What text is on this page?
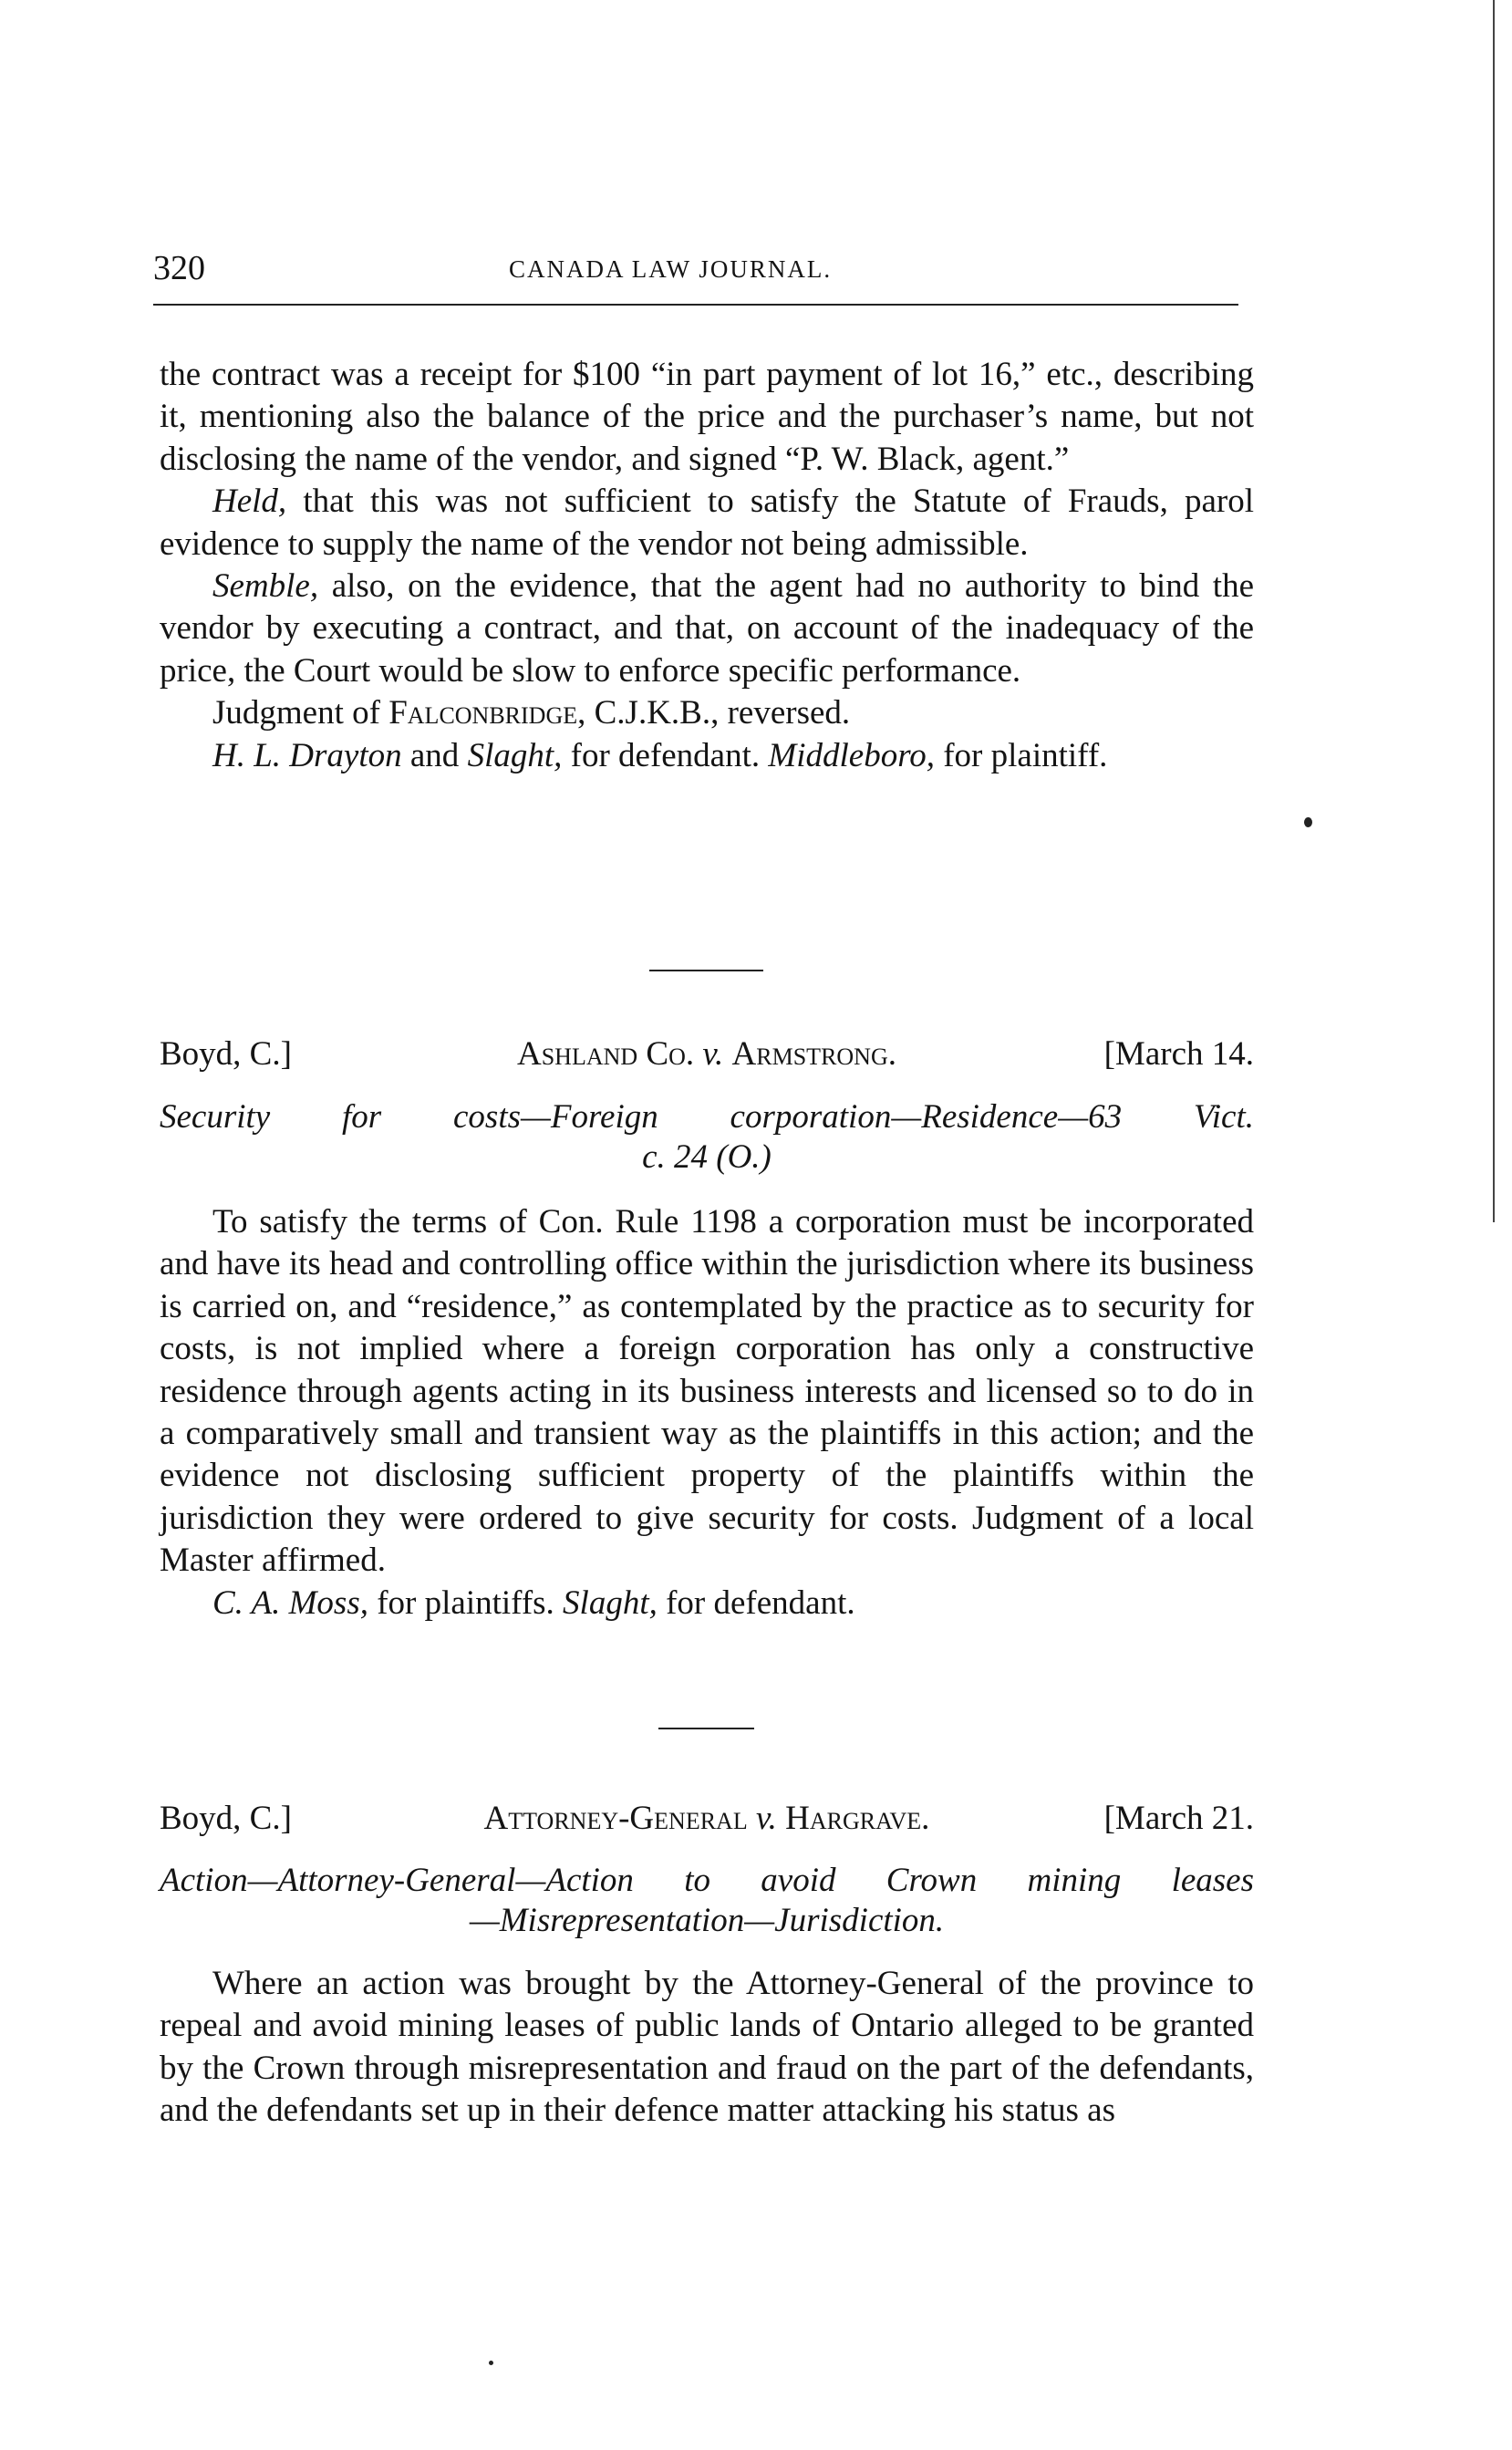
320	CANADA LAW JOURNAL.

the contract was a receipt for $100 “in part payment of lot 16,” etc., describing it, mentioning also the balance of the price and the purchaser’s name, but not disclosing the name of the vendor, and signed “P. W. Black, agent.”

Held, that this was not sufficient to satisfy the Statute of Frauds, parol evidence to supply the name of the vendor not being admissible.

Semble, also, on the evidence, that the agent had no authority to bind the vendor by executing a contract, and that, on account of the inadequacy of the price, the Court would be slow to enforce specific performance.

Judgment of Falconbridge, C.J.K.B., reversed.

H. L. Drayton and Slaght, for defendant. Middleboro, for plaintiff.

Boyd, C.]	Ashland Co. v. Armstrong.	[March 14.
Security for costs—Foreign corporation—Residence—63 Vict.
c. 24 (O.)

To satisfy the terms of Con. Rule 1198 a corporation must be incorporated and have its head and controlling office within the jurisdiction where its business is carried on, and “residence,” as contemplated by the practice as to security for costs, is not implied where a foreign corporation has only a constructive residence through agents acting in its business interests and licensed so to do in a comparatively small and transient way as the plaintiffs in this action; and the evidence not disclosing sufficient property of the plaintiffs within the jurisdiction they were ordered to give security for costs. Judgment of a local Master affirmed.

C. A. Moss, for plaintiffs. Slaght, for defendant.

Boyd, C.]	Attorney-General v. Hargrave.	[March 21.
Action—Attorney-General—Action to avoid Crown mining leases
—Misrepresentation—Jurisdiction.

Where an action was brought by the Attorney-General of the province to repeal and avoid mining leases of public lands of Ontario alleged to be granted by the Crown through misrepresentation and fraud on the part of the defendants, and the defendants set up in their defence matter attacking his status as
